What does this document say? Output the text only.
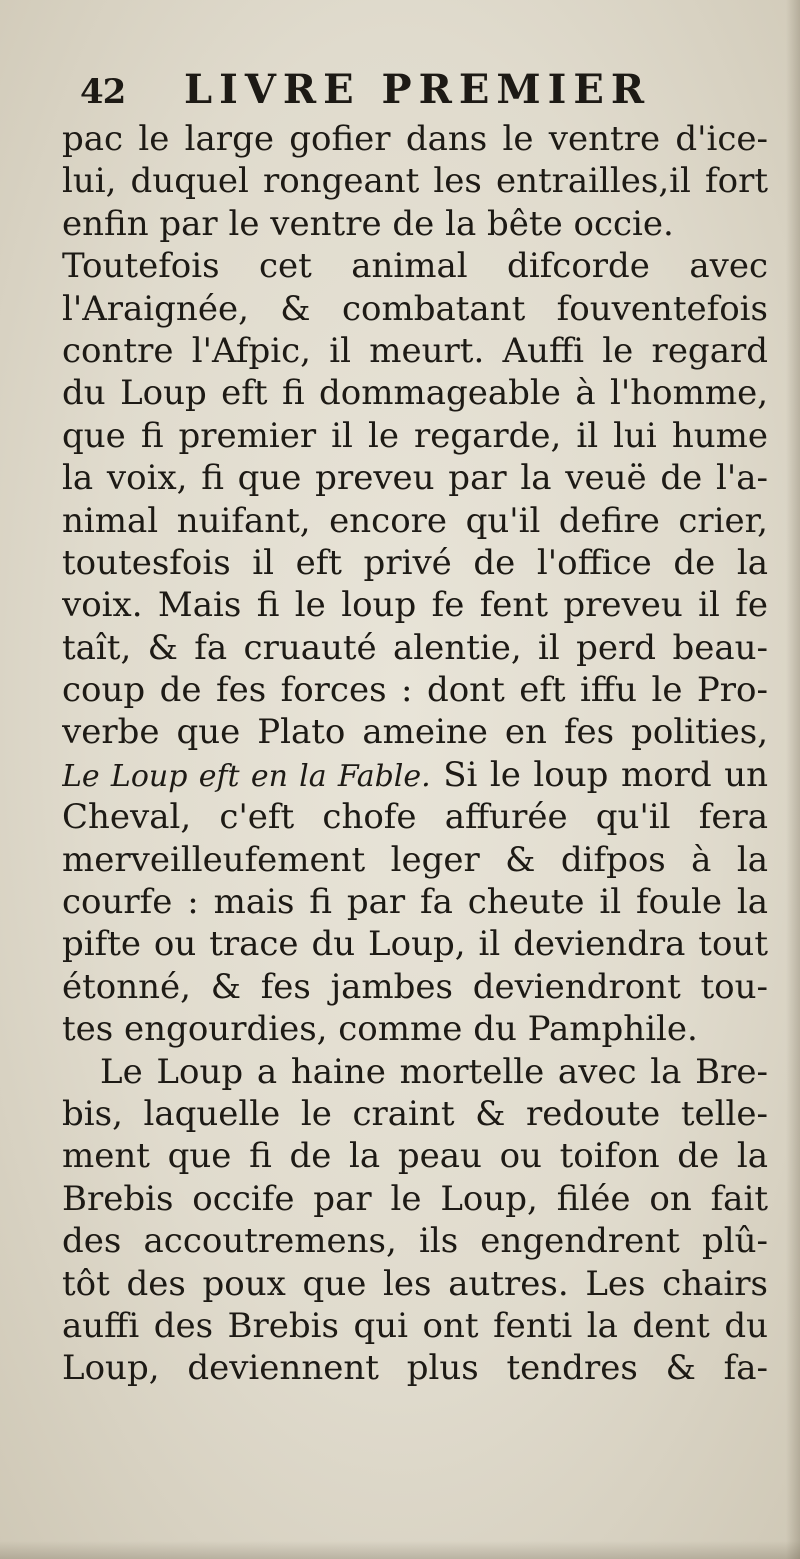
42 LIVRE PREMIER
pac le large gofier dans le ventre d'ice-
lui, duquel rongeant les entrailles,il fort
enfin par le ventre de la bête occie.
Toutefois cet animal difcorde avec
l'Araignée, & combatant fouventefois
contre l'Afpic, il meurt. Auffi le regard
du Loup eft fi dommageable à l'homme,
que fi premier il le regarde, il lui hume
la voix, fi que preveu par la veuë de l'a-
nimal nuifant, encore qu'il defire crier,
toutesfois il eft privé de l'office de la
voix. Mais fi le loup fe fent preveu il fe
taît, & fa cruauté alentie, il perd beau-
coup de fes forces : dont eft iffu le Pro-
verbe que Plato ameine en fes polities,
Le Loup eft en la Fable. Si le loup mord un
Cheval, c'eft chofe affurée qu'il fera
merveilleufement leger & difpos à la
courfe : mais fi par fa cheute il foule la
pifte ou trace du Loup, il deviendra tout
étonné, & fes jambes deviendront tou-
tes engourdies, comme du Pamphile.
Le Loup a haine mortelle avec la Bre-
bis, laquelle le craint & redoute telle-
ment que fi de la peau ou toifon de la
Brebis occife par le Loup, filée on fait
des accoutremens, ils engendrent plû-
tôt des poux que les autres. Les chairs
auffi des Brebis qui ont fenti la dent du
Loup, deviennent plus tendres & fa-
